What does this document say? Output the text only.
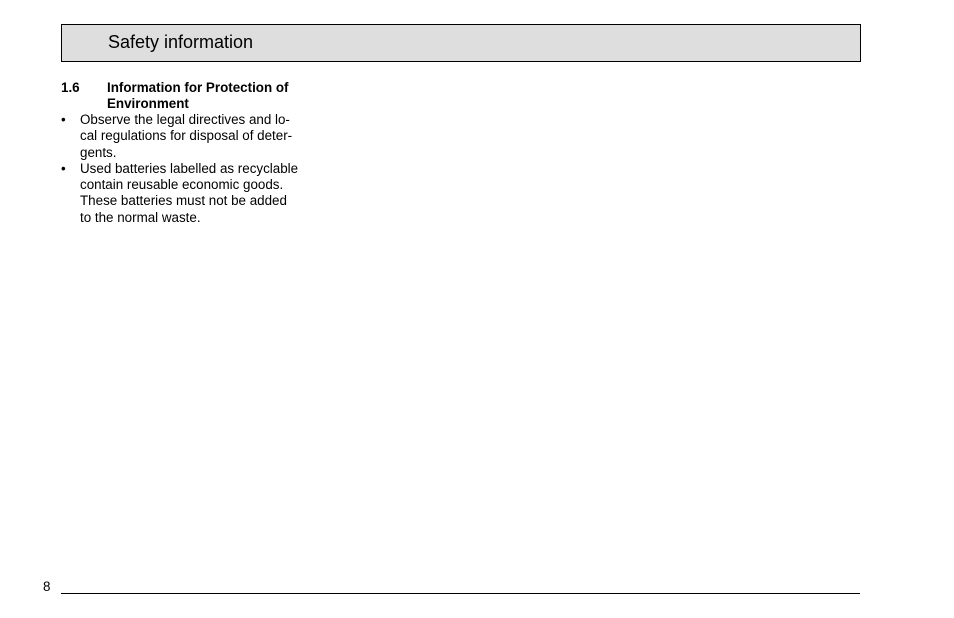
Safety information
1.6 Information for Protection of
Environment
• Observe the legal directives and lo-
cal regulations for disposal of deter-
gents.
• Used batteries labelled as recyclable
contain reusable economic goods.
These batteries must not be added
to the normal waste.
8
